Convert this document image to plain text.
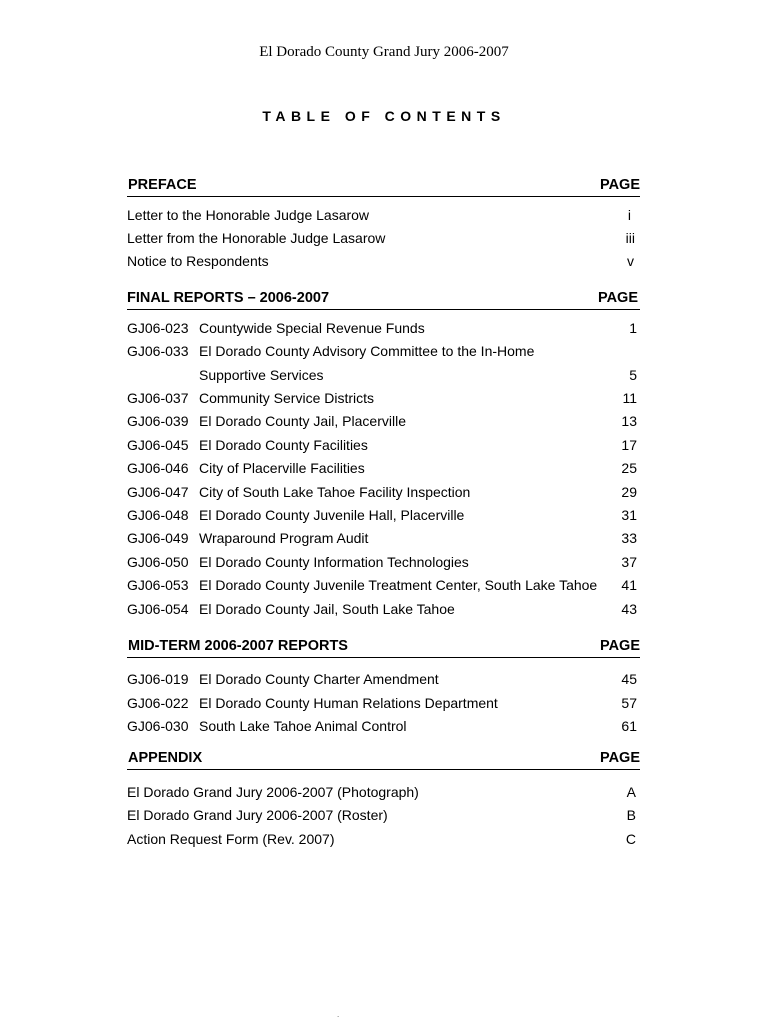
El Dorado County Grand Jury 2006-2007
TABLE OF CONTENTS
PREFACE	PAGE
Letter to the Honorable Judge Lasarow	i
Letter from the Honorable Judge Lasarow	iii
Notice to Respondents	v
FINAL REPORTS – 2006-2007	PAGE
GJ06-023 Countywide Special Revenue Funds	1
GJ06-033 El Dorado County Advisory Committee to the In-Home
Supportive Services	5
GJ06-037 Community Service Districts	11
GJ06-039 El Dorado County Jail, Placerville	13
GJ06-045 El Dorado County Facilities	17
GJ06-046 City of Placerville Facilities	25
GJ06-047 City of South Lake Tahoe Facility Inspection	29
GJ06-048 El Dorado County Juvenile Hall, Placerville	31
GJ06-049 Wraparound Program Audit	33
GJ06-050 El Dorado County Information Technologies	37
GJ06-053 El Dorado County Juvenile Treatment Center, South Lake Tahoe 41
GJ06-054 El Dorado County Jail, South Lake Tahoe	43
MID-TERM 2006-2007 REPORTS	PAGE
GJ06-019 El Dorado County Charter Amendment	45
GJ06-022 El Dorado County Human Relations Department	57
GJ06-030 South Lake Tahoe Animal Control	61
APPENDIX	PAGE
El Dorado Grand Jury 2006-2007 (Photograph)	A
El Dorado Grand Jury 2006-2007 (Roster)	B
Action Request Form (Rev. 2007)	C
.
